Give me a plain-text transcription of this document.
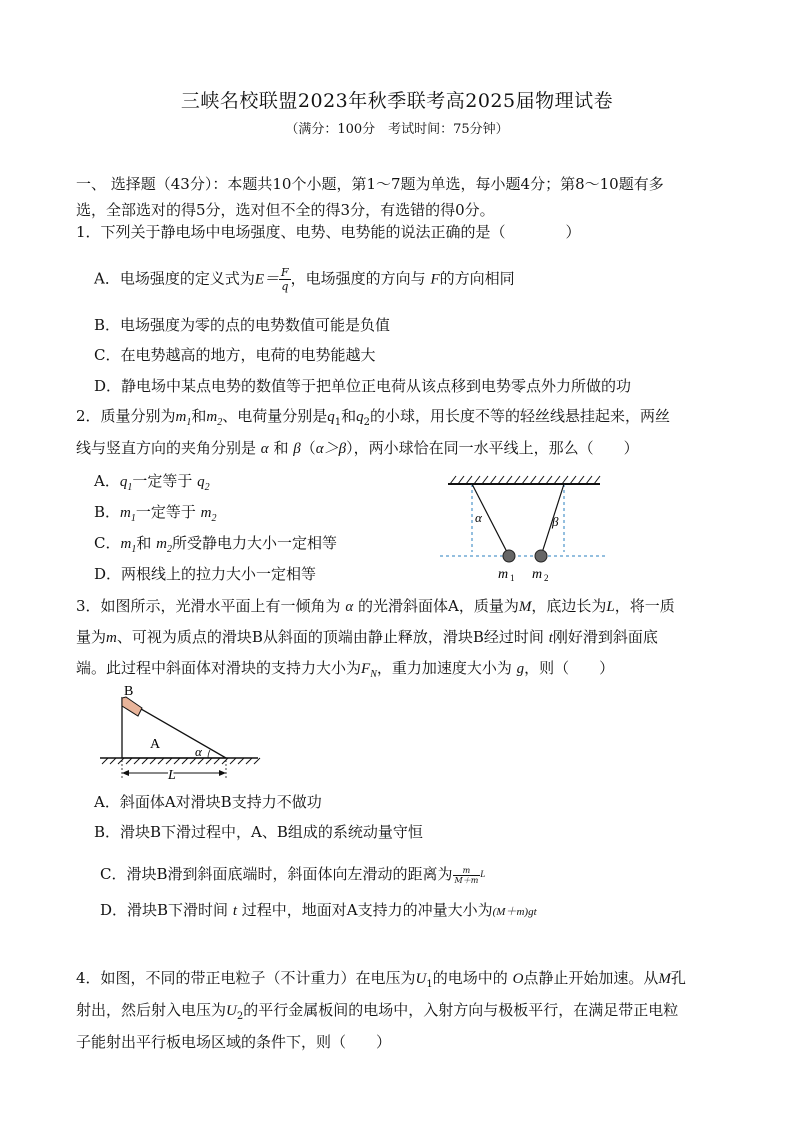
三峡名校联盟2023年秋季联考高2025届物理试卷
（满分：100分　考试时间：75分钟）
一、 选择题（43分）：本题共10个小题，第1～7题为单选，每小题4分；第8～10题有多
选，全部选对的得5分，选对但不全的得3分，有选错的得0分。
1．下列关于静电场中电场强度、电势、电势能的说法正确的是（　　　　）
A．电场强度的定义式为$E= \frac{F}{q}$ ，电场强度的方向与 F的方向相同
B．电场强度为零的点的电势数值可能是负值
C．在电势越高的地方，电荷的电势能越大
D．静电场中某点电势的数值等于把单位正电荷从该点移到电势零点外力所做的功
2．质量分别为$m_1$和$m_2$、电荷量分别是$q_1$和$q_2$的小球，用长度不等的轻丝线悬挂起来，两丝
线与竖直方向的夹角分别是 α 和 β（α＞β），两小球恰在同一水平线上，那么（　　）
A．$q_1$一定等于 $q_2$
B．$m_1$一定等于 $m_2$
C．$m_1$和 $m_2$所受静电力大小一定相等
D．两根线上的拉力大小一定相等
α	β
m 1 m 2
3．如图所示，光滑水平面上有一倾角为 α 的光滑斜面体A，质量为M，底边长为L，将一质
量为m、可视为质点的滑块B从斜面的顶端由静止释放，滑块B经过时间 t刚好滑到斜面底
端。此过程中斜面体对滑块的支持力大小为$F_N$，重力加速度大小为 g，则（　　）
B
A	α
L
A．斜面体A对滑块B支持力不做功
B．滑块B下滑过程中，A、B组成的系统动量守恒
C．滑块B滑到斜面底端时，斜面体向左滑动的距离为 $\frac{m}{M+m} ^L$
D．滑块B下滑时间 t 过程中，地面对A支持力的冲量大小为(M＋m)gt
4．如图，不同的带正电粒子（不计重力）在电压为$U_1$的电场中的 O点静止开始加速。从M孔
射出，然后射入电压为$U_2$的平行金属板间的电场中，入射方向与极板平行，在满足带正电粒
子能射出平行板电场区域的条件下，则（　　）
